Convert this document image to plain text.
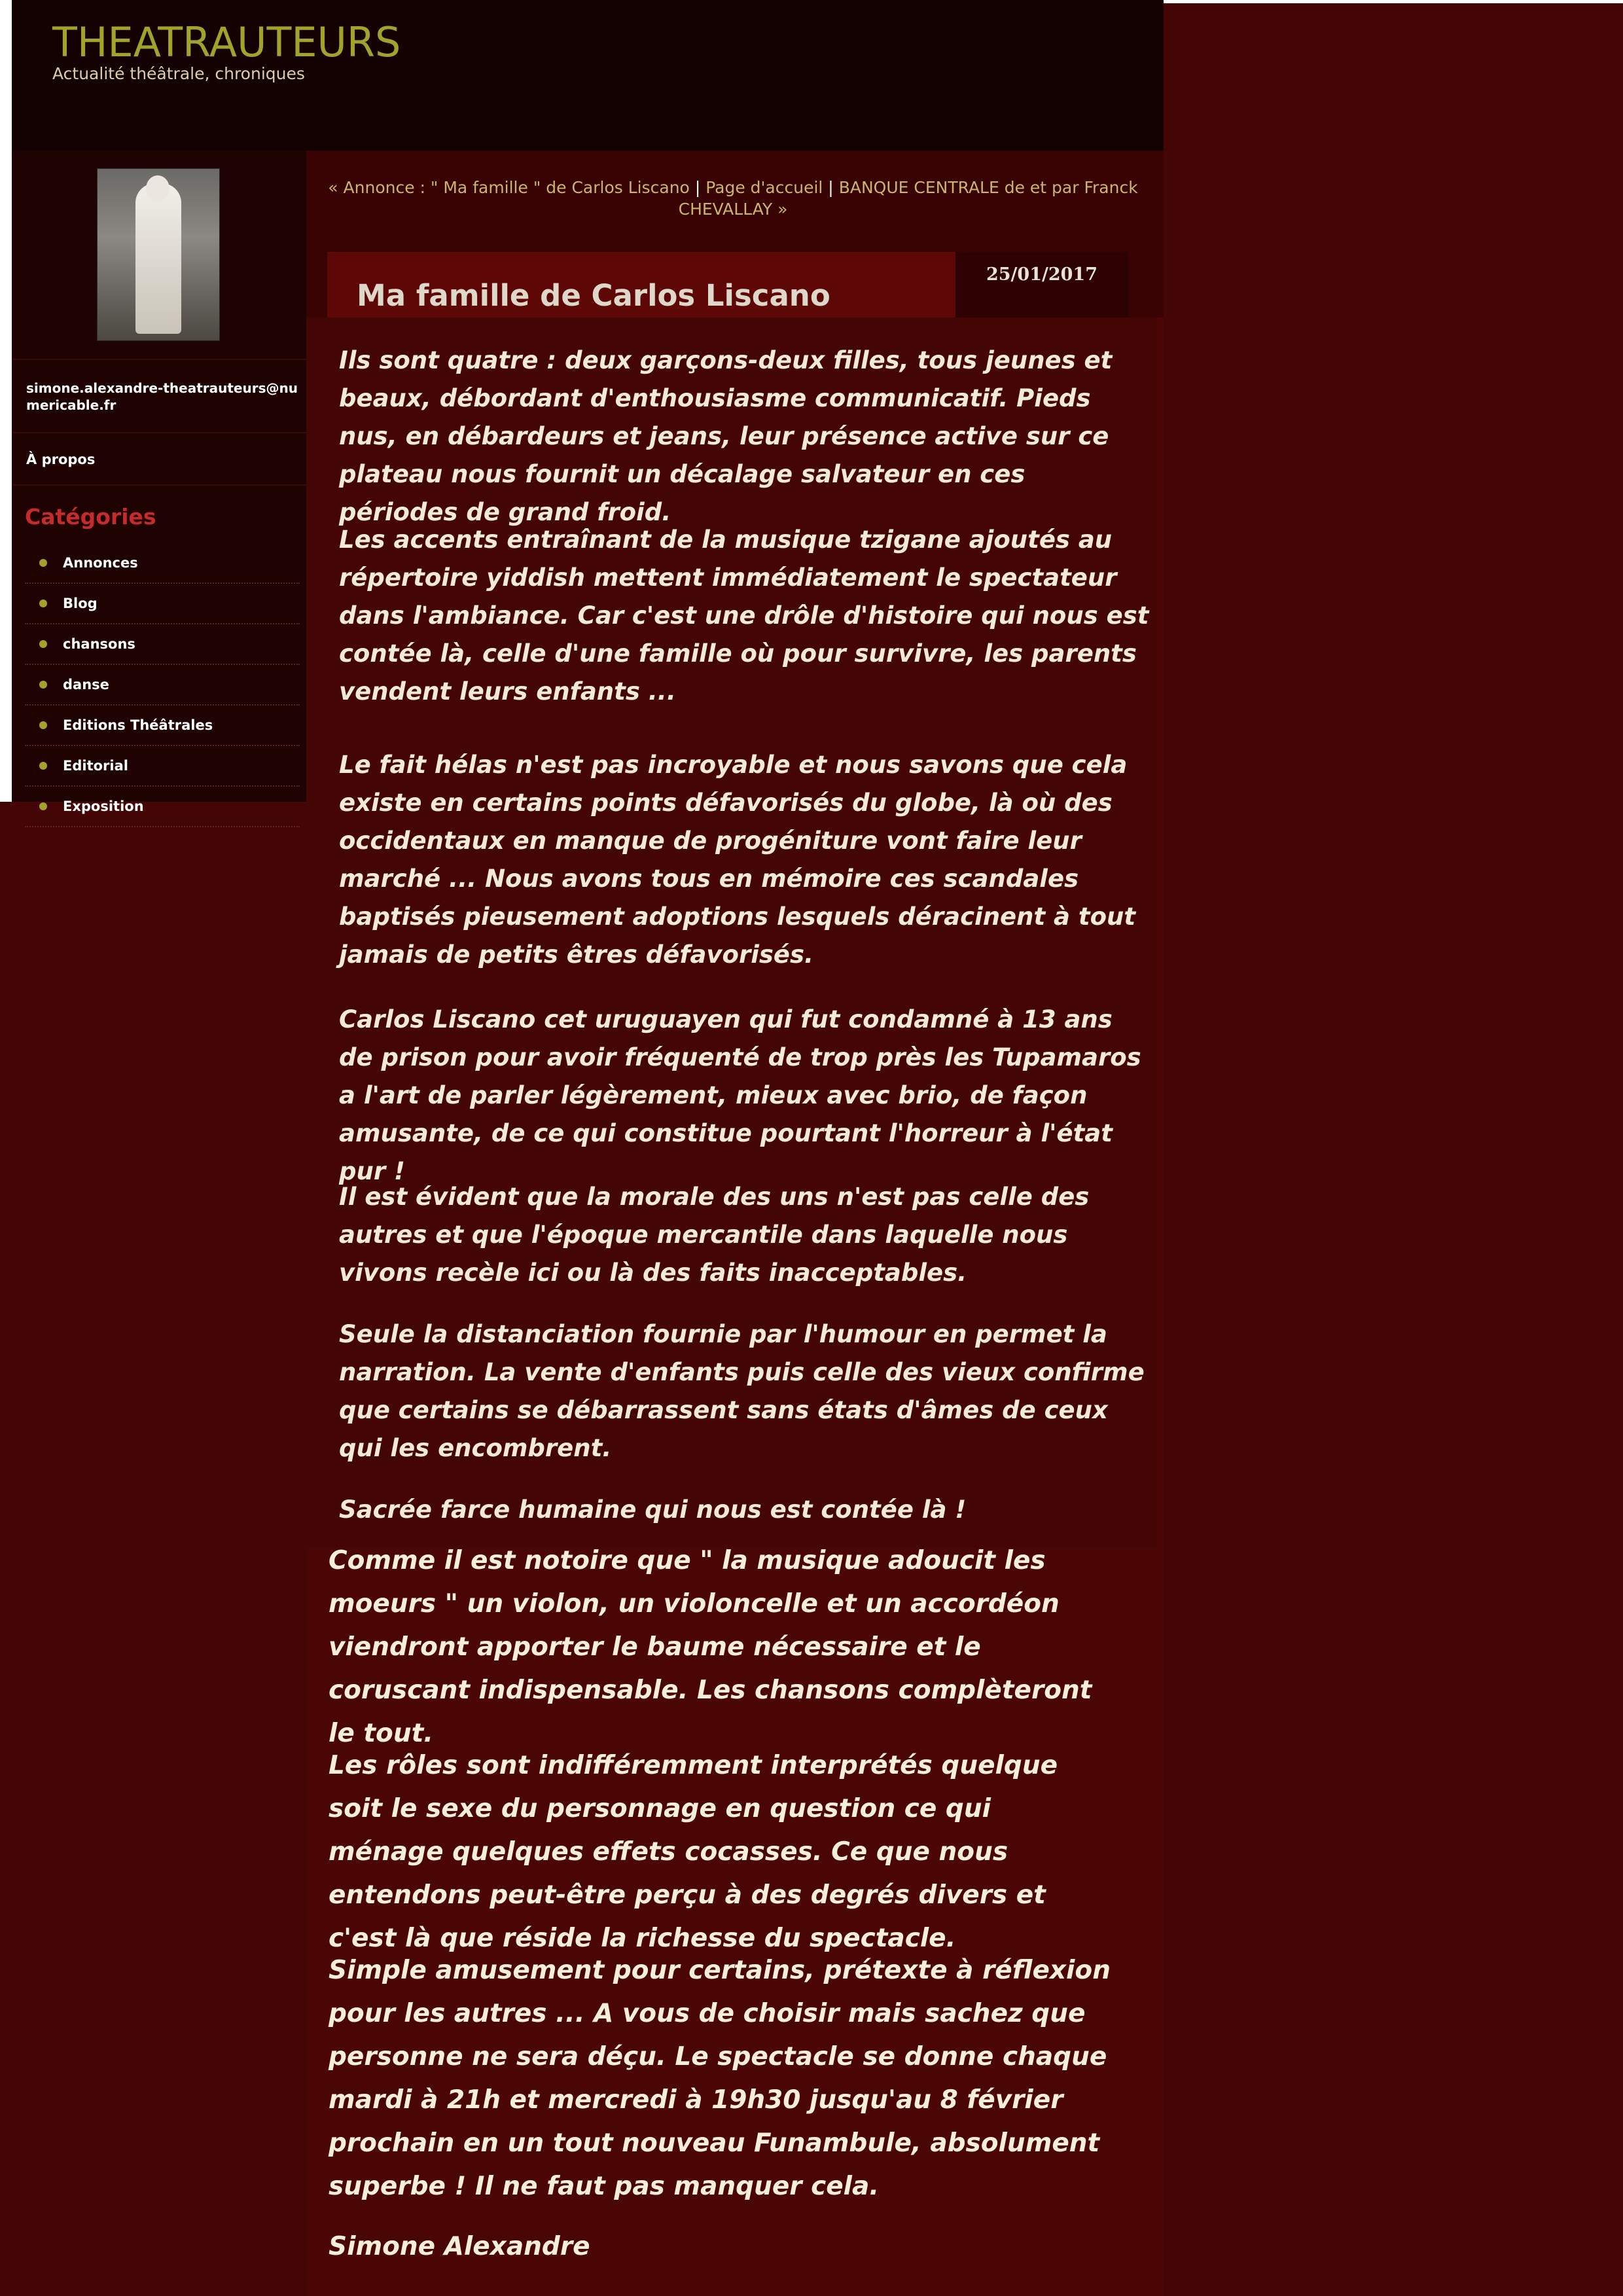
THEATRAUTEURS

Actualité théâtrale, chroniques

simone.alexandre-theatrauteurs@numericable.fr
À propos
Catégories
Annonces
Blog
chansons
danse
Editions Théâtrales
Editorial
Exposition
« Annonce : " Ma famille " de Carlos Liscano | Page d'accueil | BANQUE CENTRALE de et par Franck CHEVALLAY »
Ma famille de Carlos Liscano
25/01/2017

Ils sont quatre : deux garçons-deux filles, tous jeunes et beaux, débordant d'enthousiasme communicatif. Pieds nus, en débardeurs et jeans, leur présence active sur ce plateau nous fournit un décalage salvateur en ces périodes de grand froid.

Les accents entraînant de la musique tzigane ajoutés au répertoire yiddish mettent immédiatement le spectateur dans l'ambiance. Car c'est une drôle d'histoire qui nous est contée là, celle d'une famille où pour survivre, les parents vendent leurs enfants ...

Le fait hélas n'est pas incroyable et nous savons que cela existe en certains points défavorisés du globe, là où des occidentaux en manque de progéniture vont faire leur marché ... Nous avons tous en mémoire ces scandales baptisés pieusement adoptions lesquels déracinent à tout jamais de petits êtres défavorisés.

Carlos Liscano cet uruguayen qui fut condamné à 13 ans de prison pour avoir fréquenté de trop près les Tupamaros a l'art de parler légèrement, mieux avec brio, de façon amusante, de ce qui constitue pourtant l'horreur à l'état pur !

Il est évident que la morale des uns n'est pas celle des autres et que l'époque mercantile dans laquelle nous vivons recèle ici ou là des faits inacceptables.

Seule la distanciation fournie par l'humour en permet la narration. La vente d'enfants puis celle des vieux confirme que certains se débarrassent sans états d'âmes de ceux qui les encombrent.

Sacrée farce humaine qui nous est contée là !

Comme il est notoire que " la musique adoucit les moeurs " un violon, un violoncelle et un accordéon viendront apporter le baume nécessaire et le coruscant indispensable. Les chansons complèteront le tout.

Les rôles sont indifféremment interprétés quelque soit le sexe du personnage en question ce qui ménage quelques effets cocasses. Ce que nous entendons peut-être perçu à des degrés divers et c'est là que réside la richesse du spectacle.

Simple amusement pour certains, prétexte à réflexion pour les autres ... A vous de choisir mais sachez que personne ne sera déçu. Le spectacle se donne chaque mardi à 21h et mercredi à 19h30 jusqu'au 8 février prochain en un tout nouveau Funambule, absolument superbe ! Il ne faut pas manquer cela.

Simone Alexandre
